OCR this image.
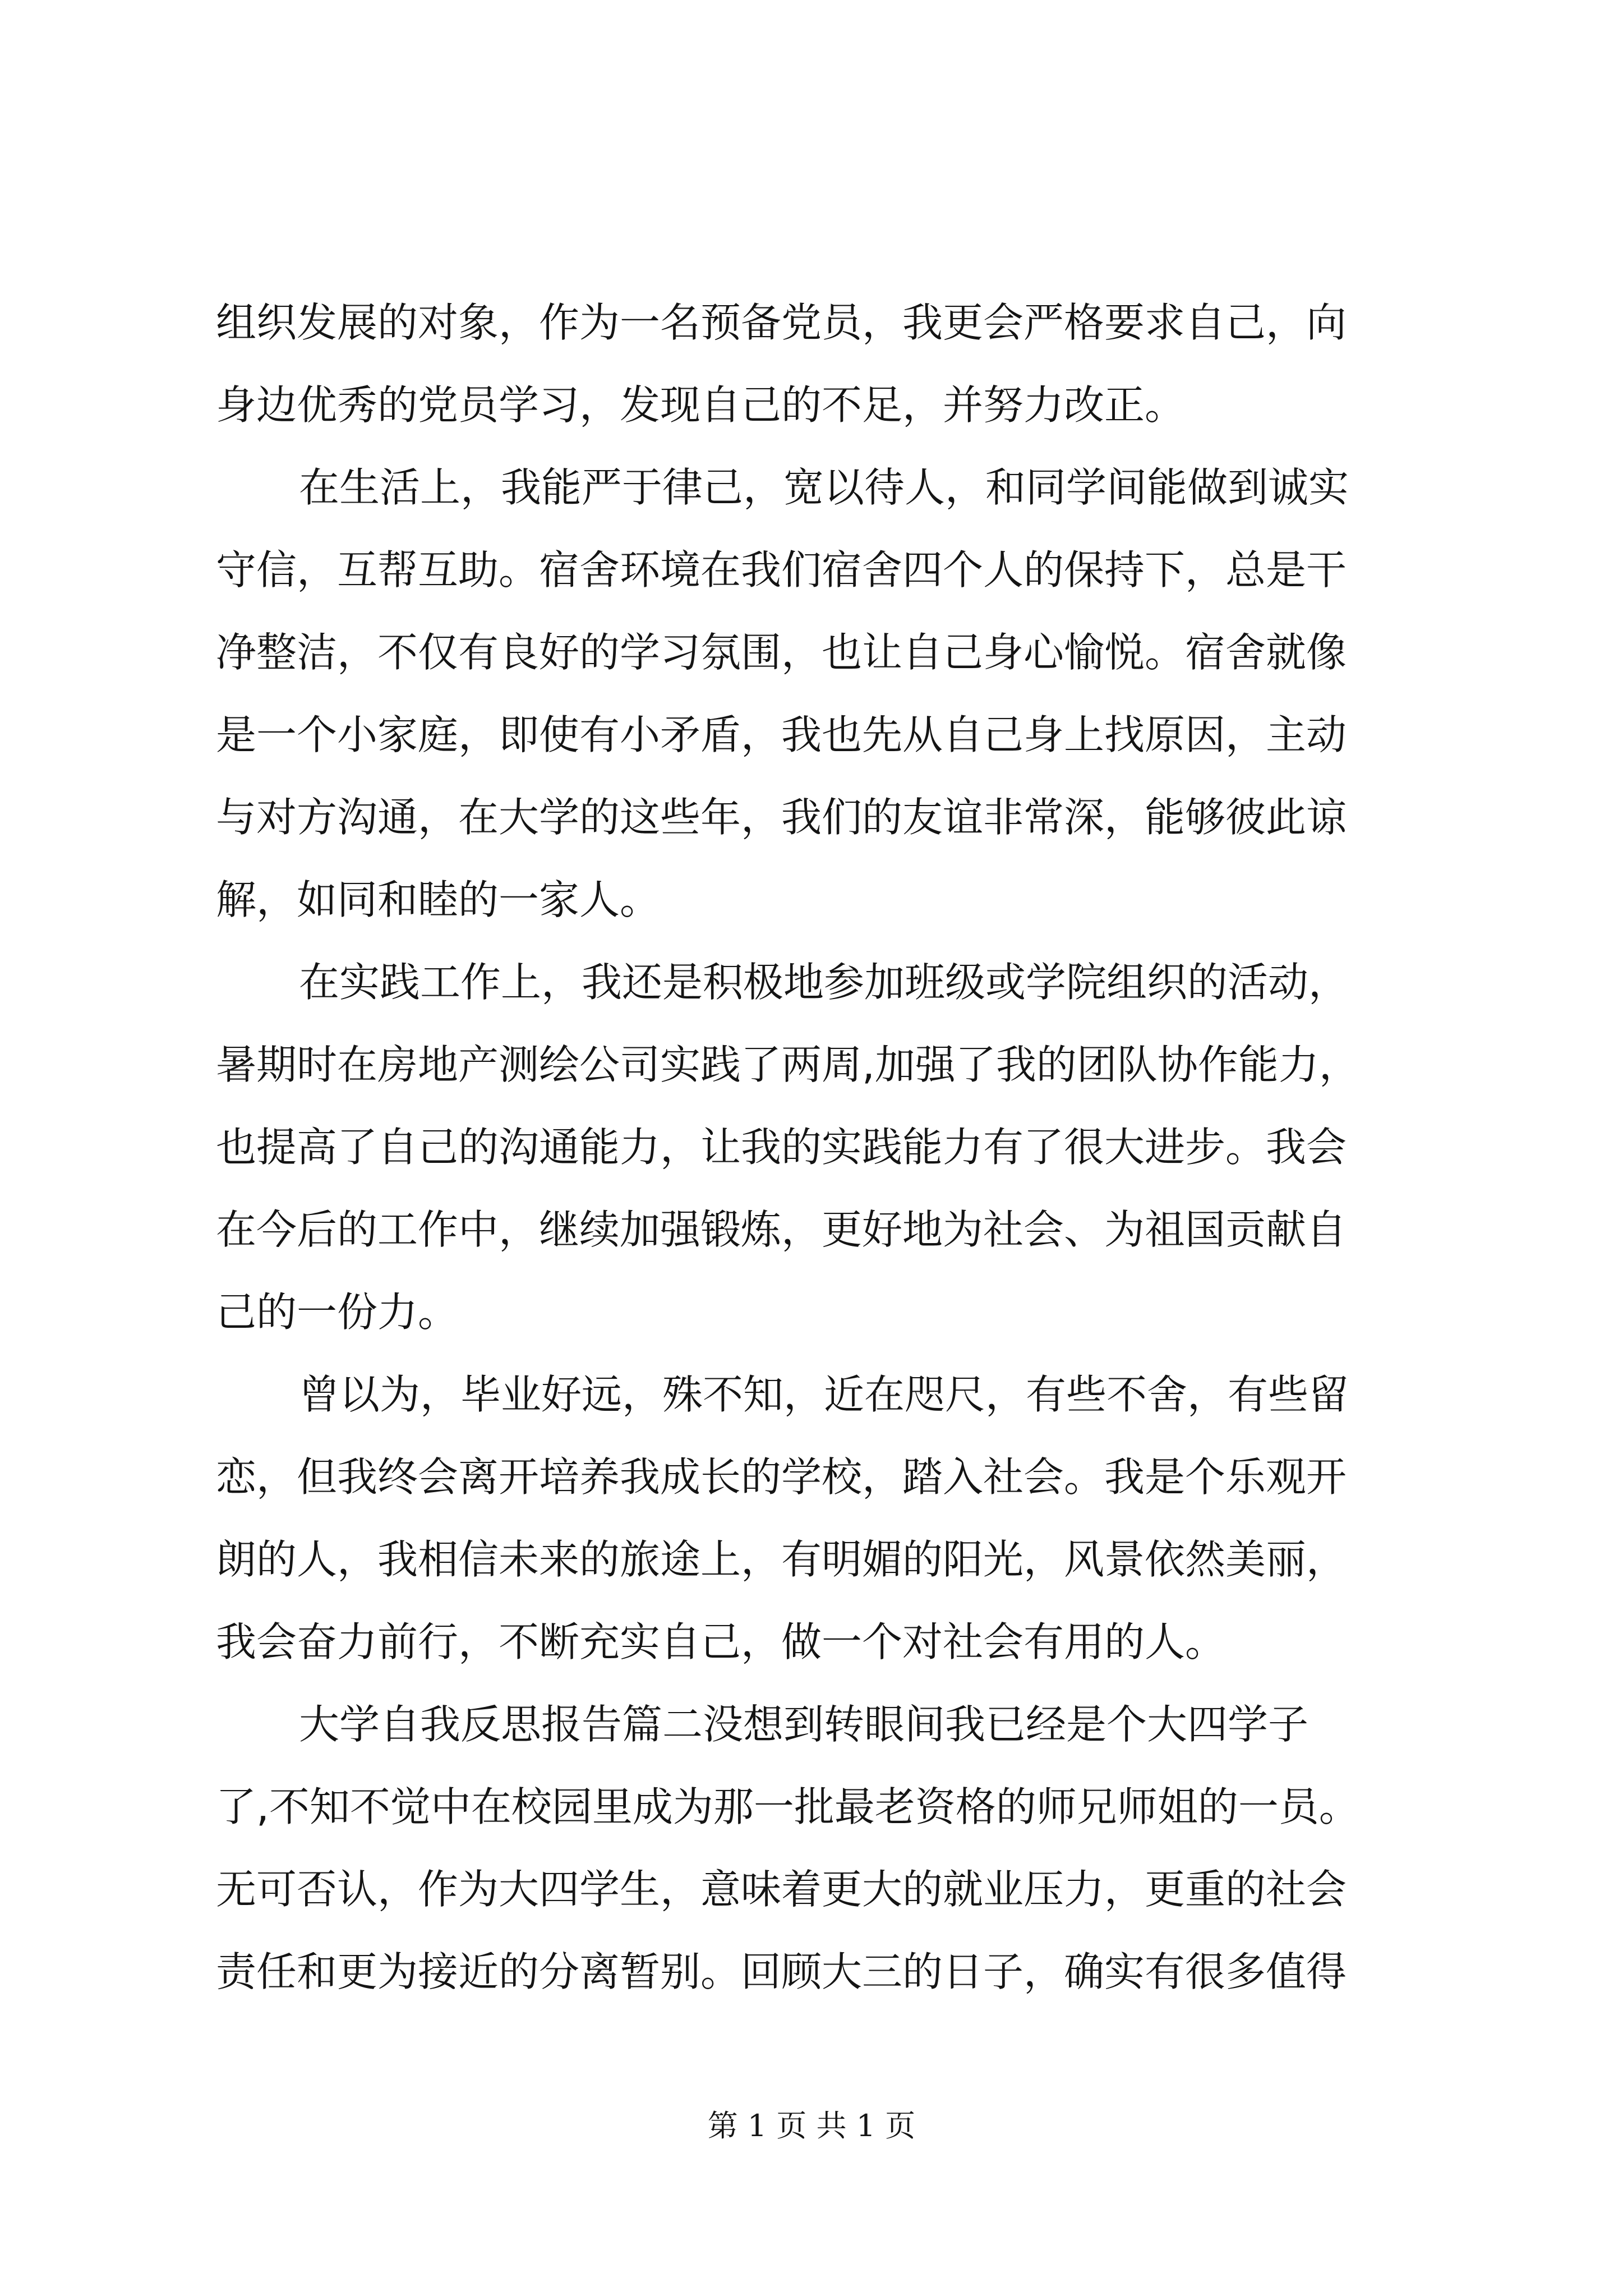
组织发展的对象，作为一名预备党员，我更会严格要求自己，向
身边优秀的党员学习，发现自己的不足，并努力改正。
在生活上，我能严于律己，宽以待人，和同学间能做到诚实
守信，互帮互助。宿舍环境在我们宿舍四个人的保持下，总是干
净整洁，不仅有良好的学习氛围，也让自己身心愉悦。宿舍就像
是一个小家庭，即使有小矛盾，我也先从自己身上找原因，主动
与对方沟通，在大学的这些年，我们的友谊非常深，能够彼此谅
解，如同和睦的一家人。
在实践工作上，我还是积极地参加班级或学院组织的活动，
暑期时在房地产测绘公司实践了两周,加强了我的团队协作能力，
也提高了自己的沟通能力，让我的实践能力有了很大进步。我会
在今后的工作中，继续加强锻炼，更好地为社会、为祖国贡献自
己的一份力。
曾以为，毕业好远，殊不知，近在咫尺，有些不舍，有些留
恋，但我终会离开培养我成长的学校，踏入社会。我是个乐观开
朗的人，我相信未来的旅途上，有明媚的阳光，风景依然美丽，
我会奋力前行，不断充实自己，做一个对社会有用的人。
大学自我反思报告篇二没想到转眼间我已经是个大四学子
了,不知不觉中在校园里成为那一批最老资格的师兄师姐的一员。
无可否认，作为大四学生，意味着更大的就业压力，更重的社会
责任和更为接近的分离暂别。回顾大三的日子，确实有很多值得
第 1 页 共 1 页
